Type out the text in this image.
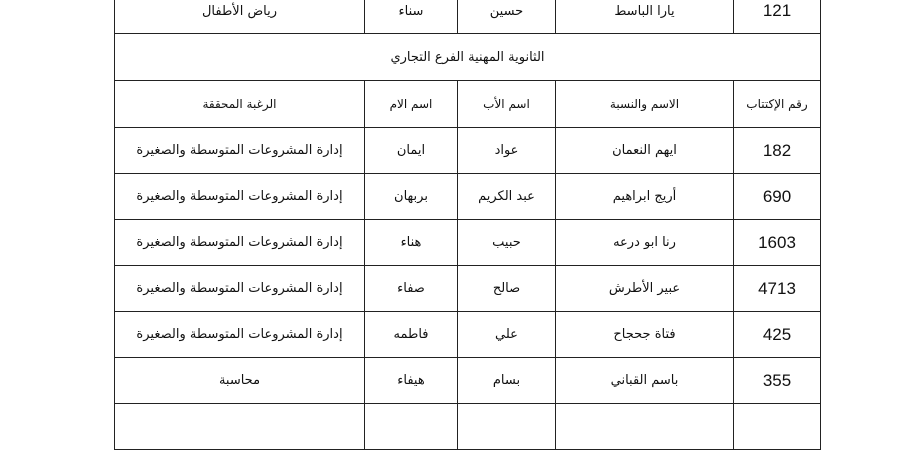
121	يارا الباسط	حسين	سناء	رياض الأطفال
الثانوية المهنية الفرع التجاري				
رقم الإكتتاب	الاسم والنسبة	اسم الأب	اسم الام	الرغبة المحققة
182	ايهم النعمان	عواد	ايمان	إدارة المشروعات المتوسطة والصغيرة
690	أريج ابراهيم	عبد الكريم	بربهان	إدارة المشروعات المتوسطة والصغيرة
1603	رنا ابو درعه	حبيب	هناء	إدارة المشروعات المتوسطة والصغيرة
4713	عبير الأطرش	صالح	صفاء	إدارة المشروعات المتوسطة والصغيرة
425	فتاة جحجاح	علي	فاطمه	إدارة المشروعات المتوسطة والصغيرة
355	باسم القباني	بسام	هيفاء	محاسبة
